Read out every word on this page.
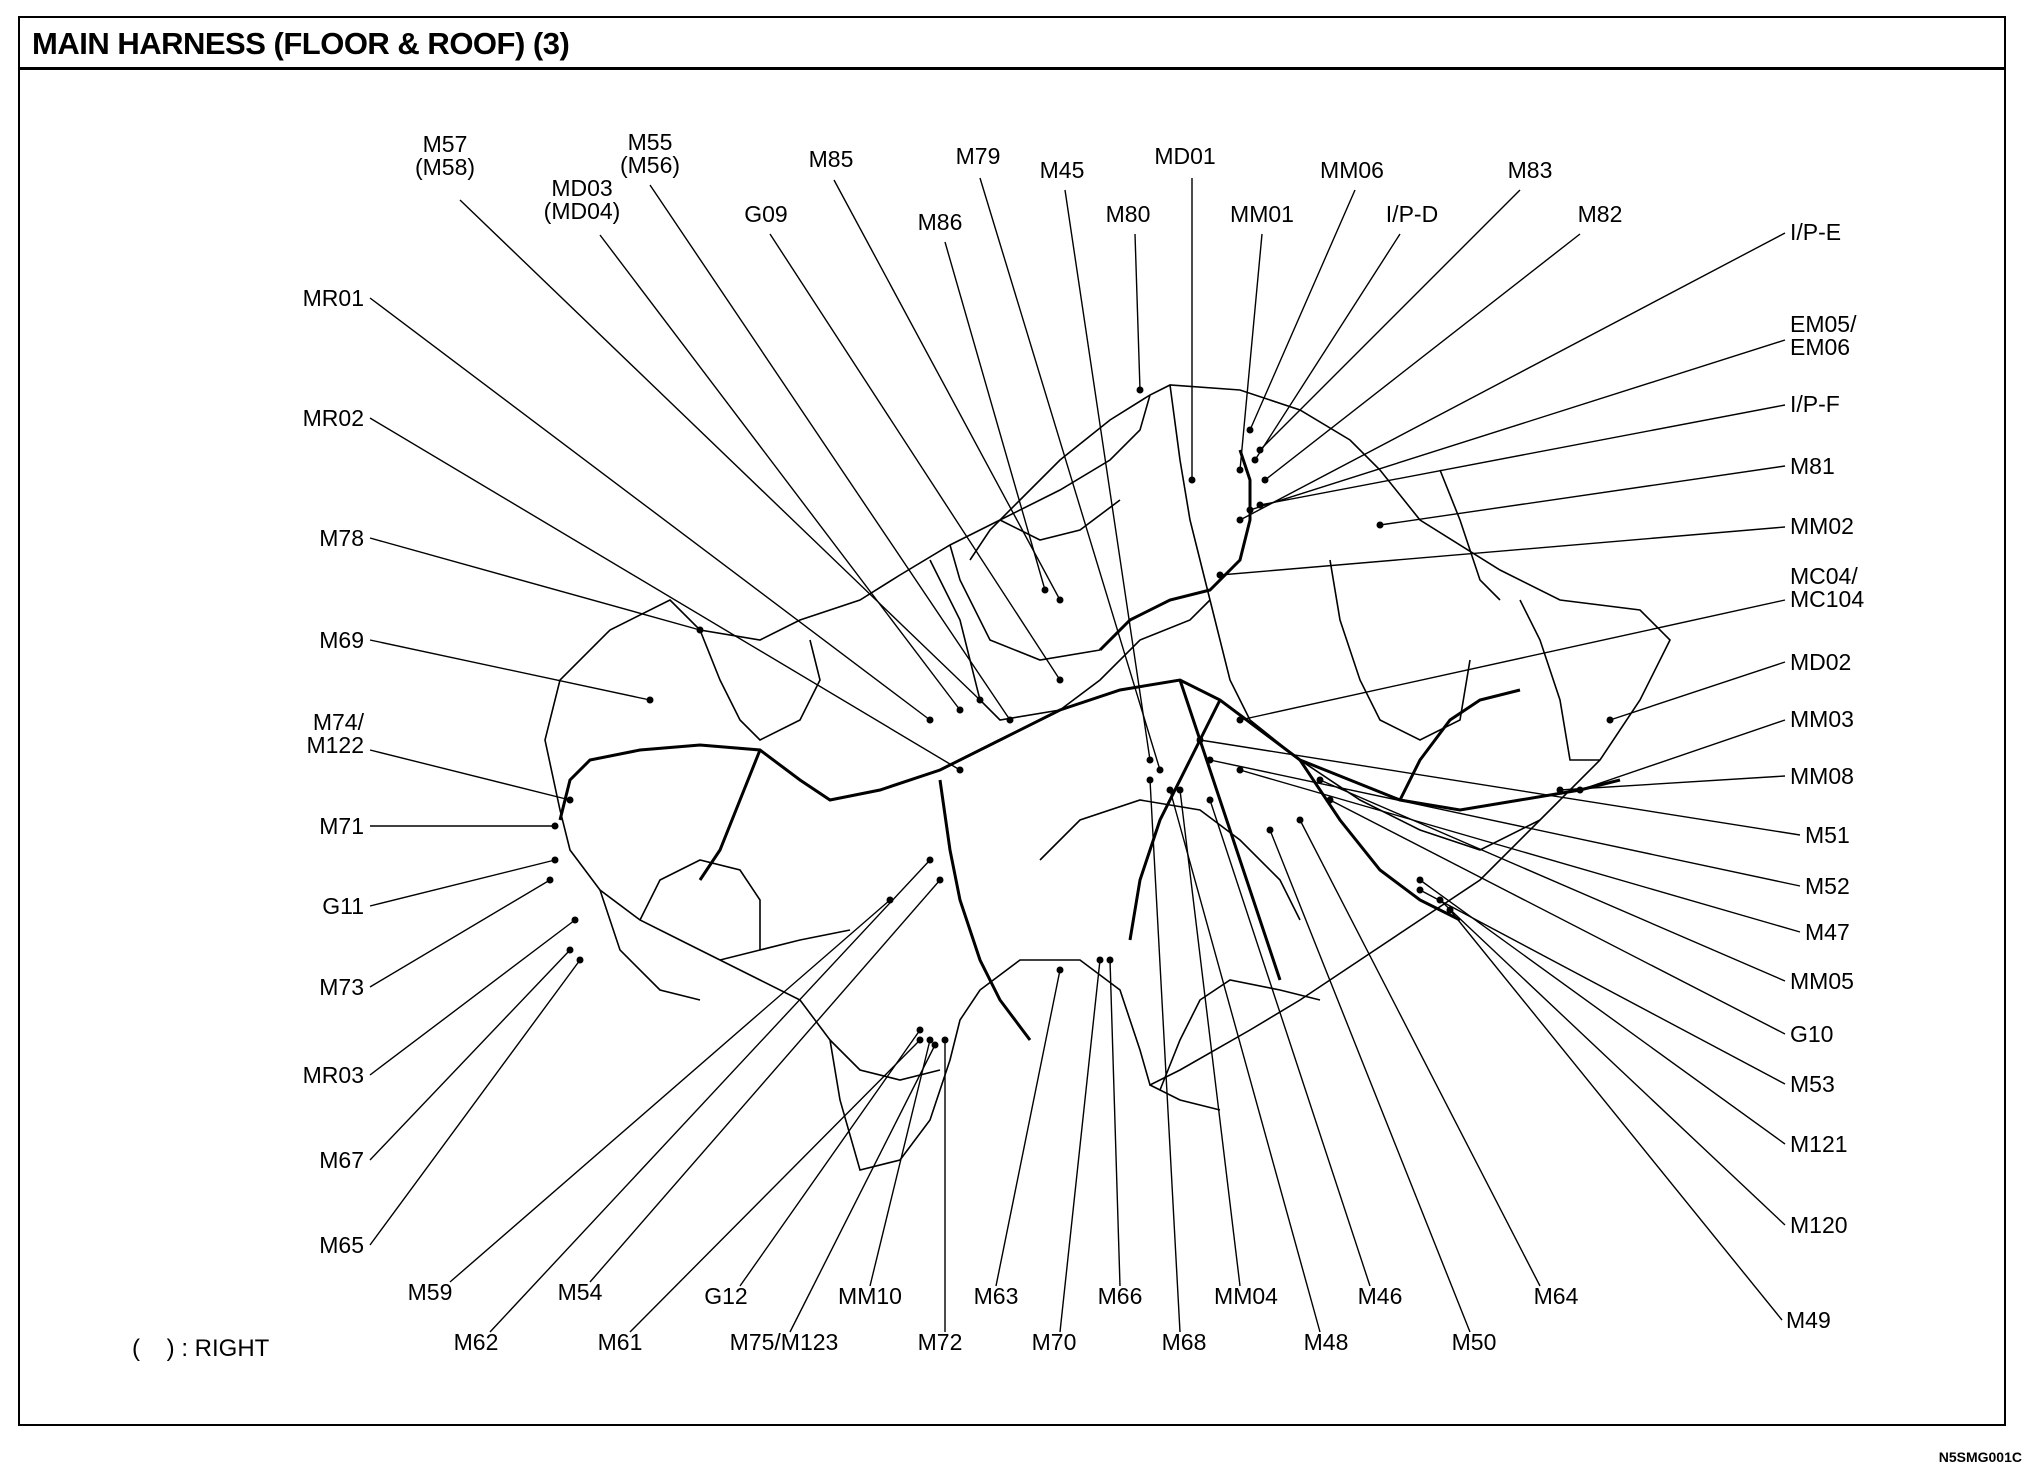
MAIN HARNESS (FLOOR & ROOF) (3)
M57 (M58)
M55 (M56)
MD03 (MD04)
M85	M79
M45
MD01
MM06	M83
G09	M86	M80	MM01	I/P-D	M82
I/P-E
EM05/ EM06
I/P-F
M81
MM02
MC04/ MC104
MD02
MM03
MM08
M51
M52
M47
MM05
G10
M53
M121
M120
M49
MR01
MR02
M78
M69
M74/ M122
M71
G11
M73
MR03
M67
M65
M59	M54	G12	MM10	M63	M66	MM04	M46	M64
M62	M61	M75/M123	M72	M70	M68	M48	M50
(    ) : RIGHT
N5SMG001C
